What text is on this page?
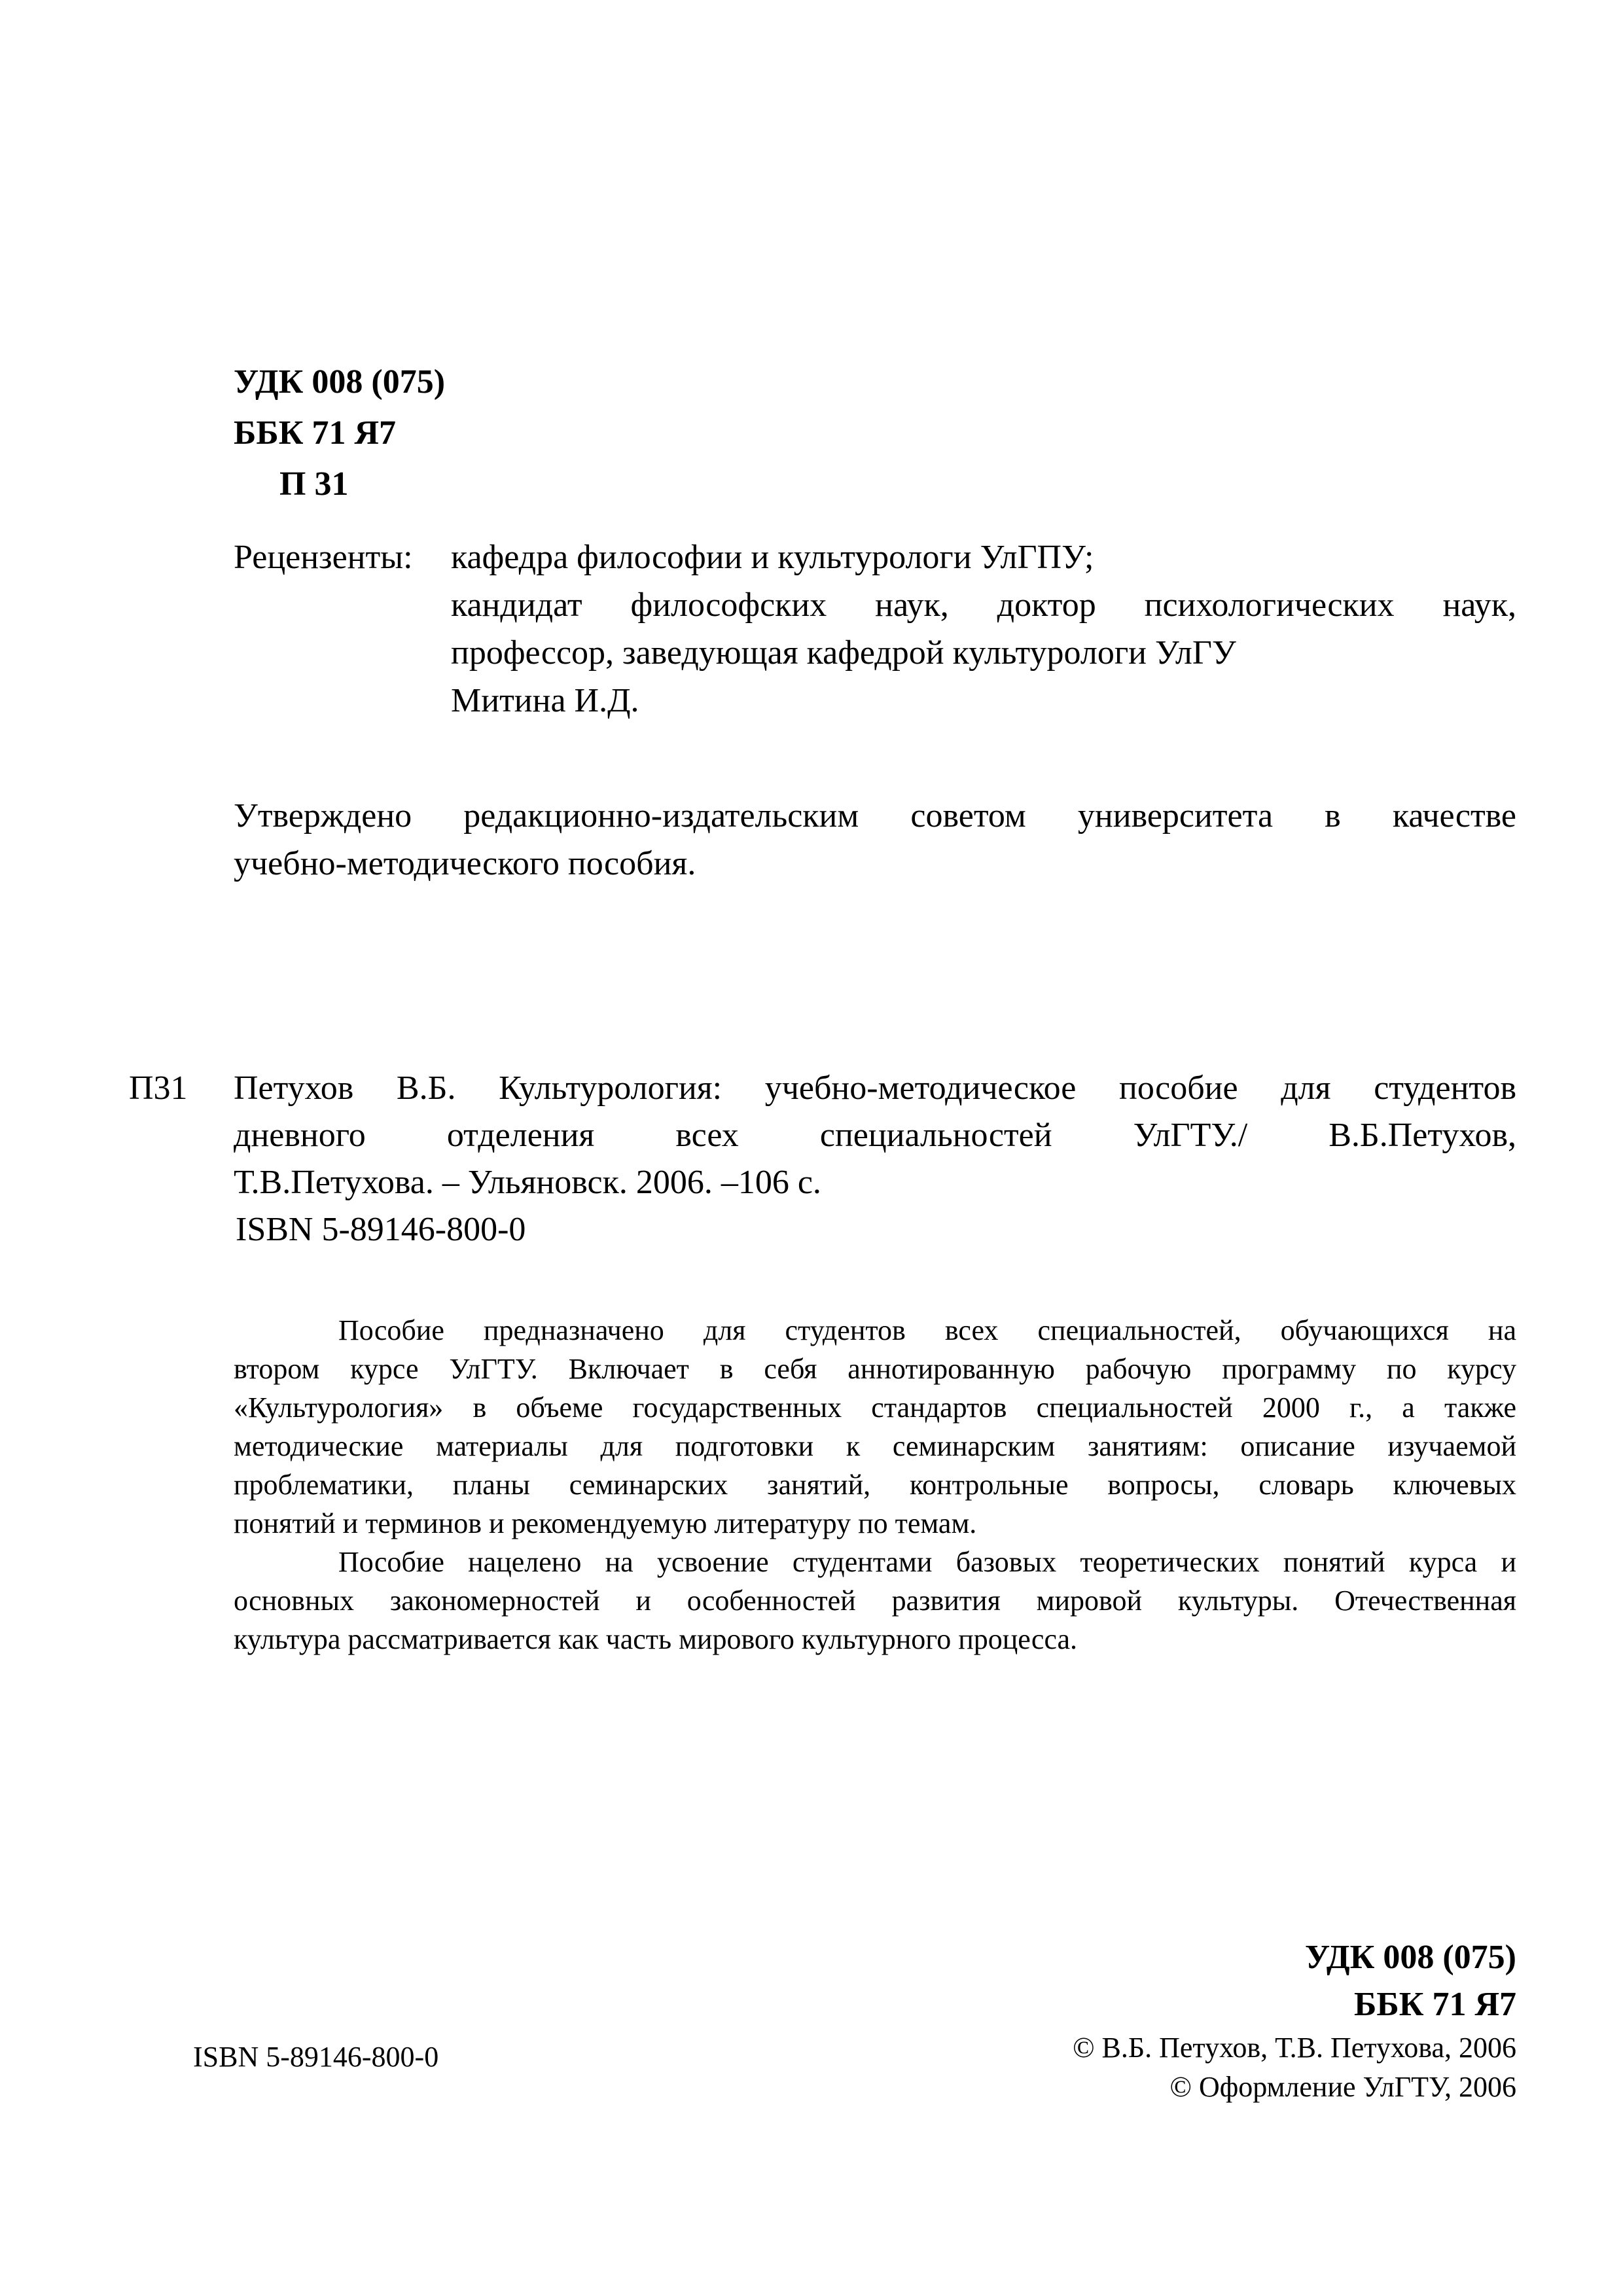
УДК 008 (075)
ББК 71 Я7
П 31
Рецензенты:	кафедра философии и культурологи УлГПУ;
кандидат философских наук, доктор психологических наук,
профессор, заведующая кафедрой культурологи УлГУ
Митина И.Д.
Утверждено редакционно-издательским советом университета в качестве
учебно-методического пособия.
П31	Петухов В.Б. Культурология: учебно-методическое пособие для студентов
дневного отделения всех специальностей УлГТУ./ В.Б.Петухов,
Т.В.Петухова. – Ульяновск. 2006. –106 с.
ISBN 5-89146-800-0
Пособие предназначено для студентов всех специальностей, обучающихся на
втором курсе УлГТУ. Включает в себя аннотированную рабочую программу по курсу
«Культурология» в объеме государственных стандартов специальностей 2000 г., а также
методические материалы для подготовки к семинарским занятиям: описание изучаемой
проблематики, планы семинарских занятий, контрольные вопросы, словарь ключевых
понятий и терминов и рекомендуемую литературу по темам.
Пособие нацелено на усвоение студентами базовых теоретических понятий курса и
основных закономерностей и особенностей развития мировой культуры. Отечественная
культура рассматривается как часть мирового культурного процесса.
ISBN 5-89146-800-0
УДК 008 (075)
ББК 71 Я7
© В.Б. Петухов, Т.В. Петухова, 2006
© Оформление УлГТУ, 2006
